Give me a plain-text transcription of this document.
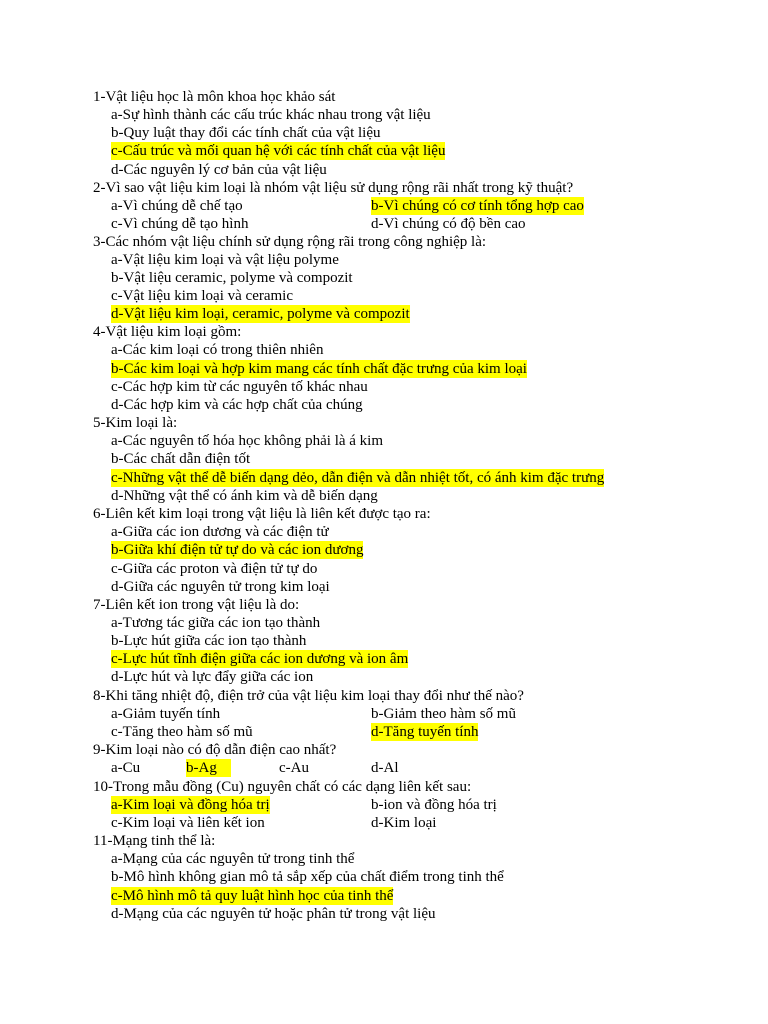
1-Vật liệu học là môn khoa học khảo sát
a-Sự hình thành các cấu trúc khác nhau trong vật liệu
b-Quy luật thay đổi các tính chất của vật liệu
c-Cấu trúc và mối quan hệ với các tính chất của vật liệu
d-Các nguyên lý cơ bản của vật liệu
2-Vì sao vật liệu kim loại là nhóm vật liệu sử dụng rộng rãi nhất trong kỹ thuật?
a-Vì chúng dễ chế tạo	b-Vì chúng có cơ tính tổng hợp cao
c-Vì chúng dễ tạo hình	d-Vì chúng có độ bền cao
3-Các nhóm vật liệu chính sử dụng rộng rãi trong công nghiệp là:
a-Vật liệu kim loại và vật liệu polyme
b-Vật liệu ceramic, polyme và compozit
c-Vật liệu kim loại và ceramic
d-Vật liệu kim loại, ceramic, polyme và compozit
4-Vật liệu kim loại gồm:
a-Các kim loại có trong thiên nhiên
b-Các kim loại và hợp kim mang các tính chất đặc trưng của kim loại
c-Các hợp kim từ các nguyên tố khác nhau
d-Các hợp kim và các hợp chất của chúng
5-Kim loại là:
a-Các nguyên tố hóa học không phải là á kim
b-Các chất dẫn điện tốt
c-Những vật thể dễ biến dạng dẻo, dẫn điện và dẫn nhiệt tốt, có ánh kim đặc trưng
d-Những vật thể có ánh kim và dễ biến dạng
6-Liên kết kim loại trong vật liệu là liên kết được tạo ra:
a-Giữa các ion dương và các điện tử
b-Giữa khí điện tử tự do và các ion dương
c-Giữa các proton và điện tử tự do
d-Giữa các nguyên tử trong kim loại
7-Liên kết ion trong vật liệu là do:
a-Tương tác giữa các ion tạo thành
b-Lực hút giữa các ion tạo thành
c-Lực hút tĩnh điện giữa các ion dương và ion âm
d-Lực hút và lực đẩy giữa các ion
8-Khi tăng nhiệt độ, điện trở của vật liệu kim loại thay đổi như thế nào?
a-Giảm tuyến tính	b-Giảm theo hàm số mũ
c-Tăng theo hàm số mũ	d-Tăng tuyến tính
9-Kim loại nào có độ dẫn điện cao nhất?
a-Cu	b-Ag	c-Au	d-Al
10-Trong mẫu đồng (Cu) nguyên chất có các dạng liên kết sau:
a-Kim loại và đồng hóa trị	b-ion và đồng hóa trị
c-Kim loại và liên kết ion	d-Kim loại
11-Mạng tinh thể là:
a-Mạng của các nguyên tử trong tinh thể
b-Mô hình không gian mô tả sắp xếp của chất điểm trong tinh thể
c-Mô hình mô tả quy luật hình học của tinh thể
d-Mạng của các nguyên tử hoặc phân tử trong vật liệu
